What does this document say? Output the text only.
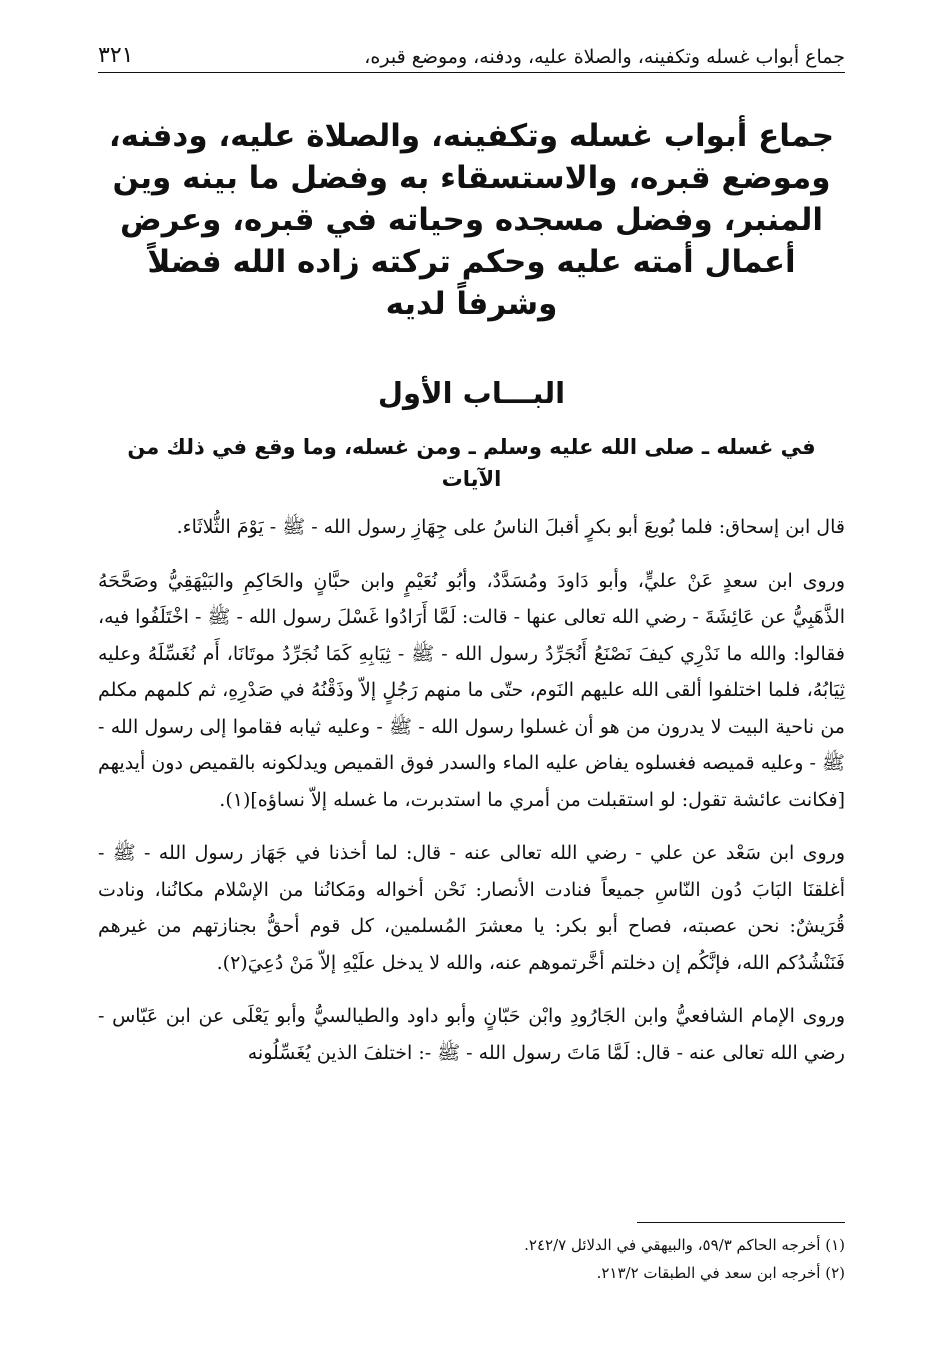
جماع أبواب غسله وتكفينه، والصلاة عليه، ودفنه، وموضع قبره،
٣٢١
جماع أبواب غسله وتكفينه، والصلاة عليه، ودفنه، وموضع قبره، والاستسقاء به وفضل ما بينه وين المنبر، وفضل مسجده وحياته في قبره، وعرض أعمال أمته عليه وحكم تركته زاده الله فضلاً وشرفاً لديه
البـــاب الأول
في غسله ـ صلى الله عليه وسلم ـ ومن غسله، وما وقع في ذلك من الآيات

قال ابن إسحاق: فلما بُويعَ أبو بكرٍ أقبلَ الناسُ على جِهَازِ رسول الله - ﷺ - يَوْمَ الثُّلاثَاء.

وروى ابن سعدٍ عَنْ عليٍّ، وأبو دَاودَ ومُسَدَّدٌ، وأبُو نُعَيْمٍ وابن حبَّانٍ والحَاكِمِ والبَيْهَقِيُّ وصَحَّحَهُ الذَّهَبِيُّ عن عَائِشَةَ - رضي الله تعالى عنها - قالت: لَمَّا أَرَادُوا غَسْلَ رسول الله - ﷺ - اخْتَلَفُوا فيه، فقالوا: والله ما نَدْرِي كيفَ نَصْنَعُ أَنُجَرِّدُ رسول الله - ﷺ - ثِيَابِهِ كَمَا نُجَرِّدُ موتَانَا، أَم نُغَسِّلَهُ وعليه ثِيَابُهُ، فلما اختلفوا ألقى الله عليهم النَوم، حتّى ما منهم رَجُلٍ إلاّ وذَقْنُهُ في صَدْرِهِ، ثم كلمهم مكلم من ناحية البيت لا يدرون من هو أن غسلوا رسول الله - ﷺ - وعليه ثيابه فقاموا إلى رسول الله - ﷺ - وعليه قميصه فغسلوه يفاض عليه الماء والسدر فوق القميص ويدلكونه بالقميص دون أيديهم [فكانت عائشة تقول: لو استقبلت من أمري ما استدبرت، ما غسله إلاّ نساؤه](١).

وروى ابن سَعْد عن علي - رضي الله تعالى عنه - قال: لما أخذنا في جَهَاز رسول الله - ﷺ - أغلقنَا البَابَ دُون النّاسِ جميعاً فنادت الأنصار: نَحْن أخواله ومَكانُنا من الإسْلام مكانُنا، ونادت قُرَيشٌ: نحن عصبته، فصاح أبو بكر: يا معشرَ المُسلمين، كل قوم أحقُّ بجنازتهم من غيرهم فَنَنْشُدُكم الله، فإنَّكُم إن دخلتم أخَّرتموهم عنه، والله لا يدخل علَيْهِ إلاّ مَنْ دُعِيَ(٢).

وروى الإمام الشافعيُّ وابن الجَارُودِ وابْن حَبّانٍ وأبو داود والطيالسيُّ وأبو يَعْلَى عن ابن عَبّاس - رضي الله تعالى عنه - قال: لَمَّا مَاتَ رسول الله - ﷺ -: اختلفَ الذين يُغَسِّلُونه

(١) أخرجه الحاكم ٥٩/٣، والبيهقي في الدلائل ٢٤٢/٧.

(٢) أخرجه ابن سعد في الطبقات ٢١٣/٢.
